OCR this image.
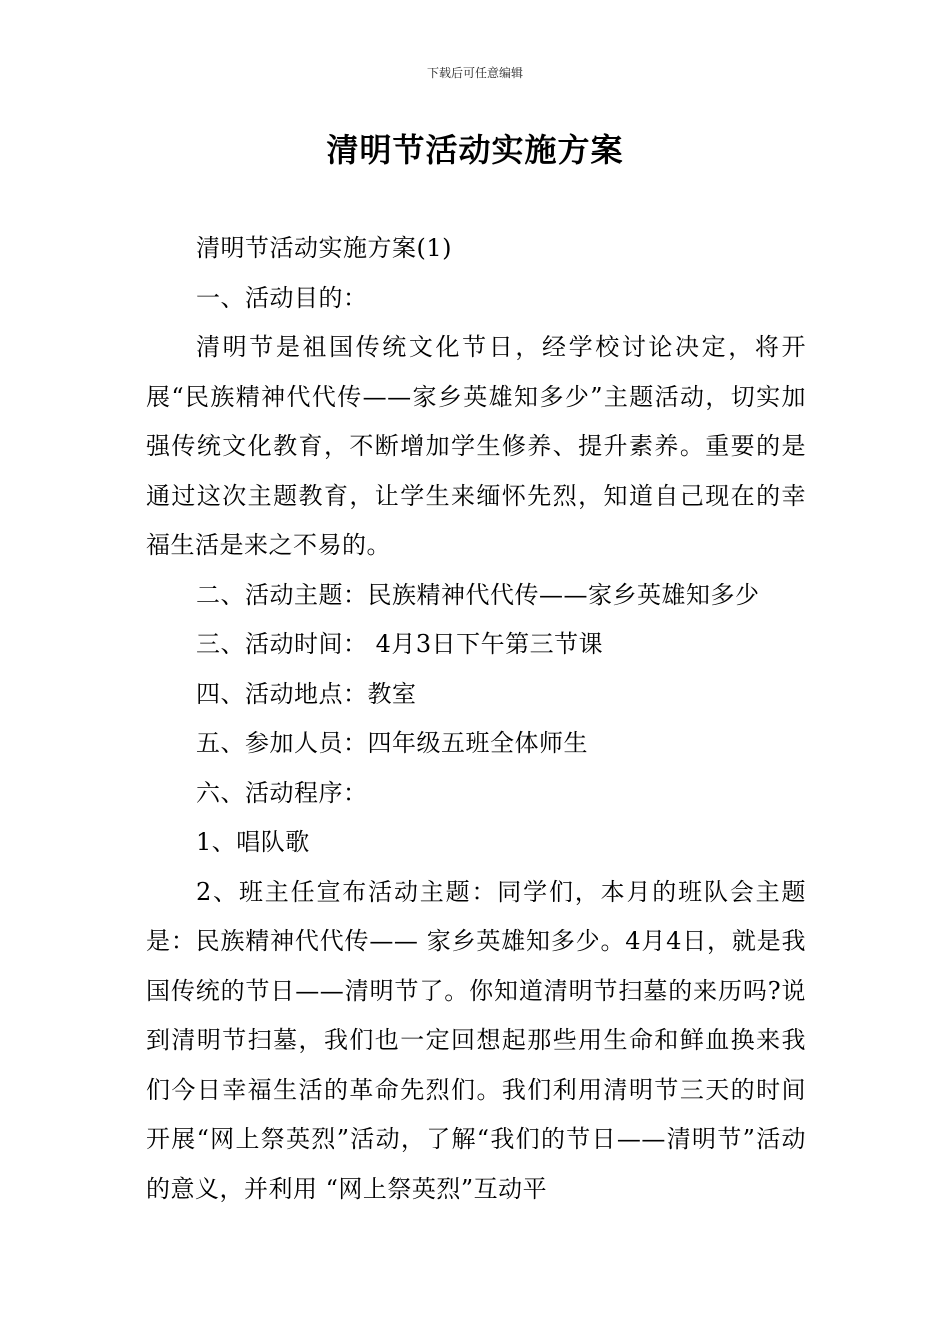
下载后可任意编辑
清明节活动实施方案

清明节活动实施方案(1)

一、活动目的：

清明节是祖国传统文化节日，经学校讨论决定，将开展“民族精神代代传——家乡英雄知多少”主题活动，切实加强传统文化教育，不断增加学生修养、提升素养。重要的是通过这次主题教育，让学生来缅怀先烈，知道自己现在的幸福生活是来之不易的。

二、活动主题：民族精神代代传——家乡英雄知多少

三、活动时间： 4月3日下午第三节课

四、活动地点：教室

五、参加人员：四年级五班全体师生

六、活动程序：

1、唱队歌

2、班主任宣布活动主题：同学们，本月的班队会主题是：民族精神代代传—— 家乡英雄知多少。4月4日，就是我国传统的节日——清明节了。你知道清明节扫墓的来历吗?说到清明节扫墓，我们也一定回想起那些用生命和鲜血换来我们今日幸福生活的革命先烈们。我们利用清明节三天的时间开展“网上祭英烈”活动，了解“我们的节日——清明节”活动的意义，并利用 “网上祭英烈”互动平
